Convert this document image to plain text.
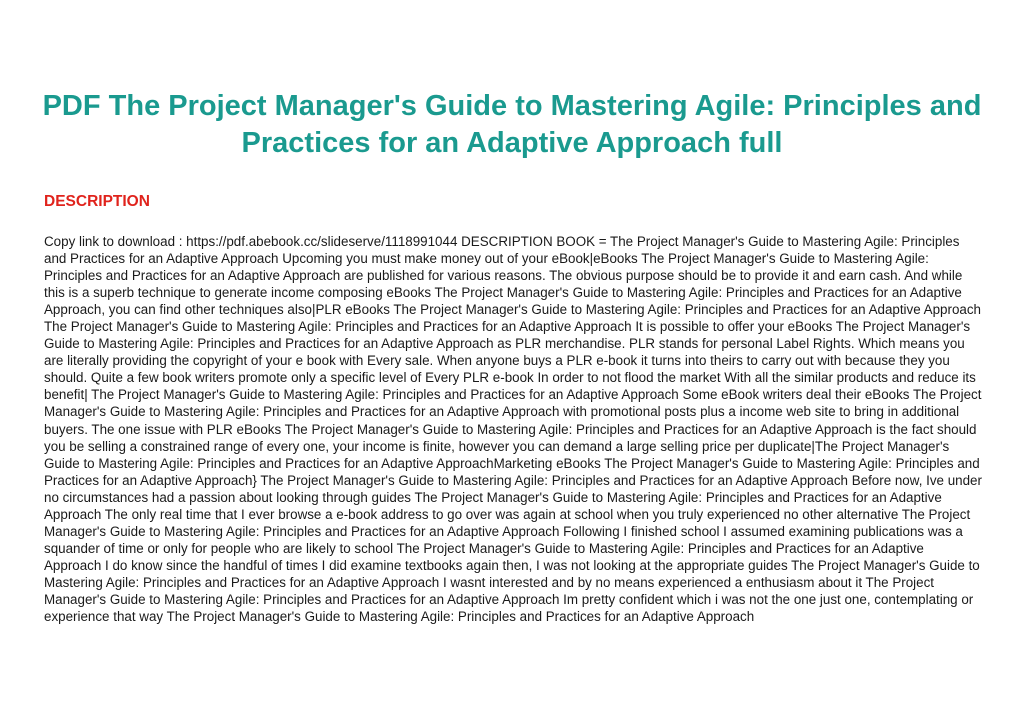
PDF The Project Manager's Guide to Mastering Agile: Principles and Practices for an Adaptive Approach full
DESCRIPTION

Copy link to download : https://pdf.abebook.cc/slideserve/1118991044 DESCRIPTION BOOK = The Project Manager's Guide to Mastering Agile: Principles and Practices for an Adaptive Approach Upcoming you must make money out of your eBook|eBooks The Project Manager's Guide to Mastering Agile: Principles and Practices for an Adaptive Approach are published for various reasons. The obvious purpose should be to provide it and earn cash. And while this is a superb technique to generate income composing eBooks The Project Manager's Guide to Mastering Agile: Principles and Practices for an Adaptive Approach, you can find other techniques also|PLR eBooks The Project Manager's Guide to Mastering Agile: Principles and Practices for an Adaptive Approach The Project Manager's Guide to Mastering Agile: Principles and Practices for an Adaptive Approach It is possible to offer your eBooks The Project Manager's Guide to Mastering Agile: Principles and Practices for an Adaptive Approach as PLR merchandise. PLR stands for personal Label Rights. Which means you are literally providing the copyright of your e book with Every sale. When anyone buys a PLR e-book it turns into theirs to carry out with because they you should. Quite a few book writers promote only a specific level of Every PLR e-book In order to not flood the market With all the similar products and reduce its benefit| The Project Manager's Guide to Mastering Agile: Principles and Practices for an Adaptive Approach Some eBook writers deal their eBooks The Project Manager's Guide to Mastering Agile: Principles and Practices for an Adaptive Approach with promotional posts plus a income web site to bring in additional buyers. The one issue with PLR eBooks The Project Manager's Guide to Mastering Agile: Principles and Practices for an Adaptive Approach is the fact should you be selling a constrained range of every one, your income is finite, however you can demand a large selling price per duplicate|The Project Manager's Guide to Mastering Agile: Principles and Practices for an Adaptive ApproachMarketing eBooks The Project Manager's Guide to Mastering Agile: Principles and Practices for an Adaptive Approach} The Project Manager's Guide to Mastering Agile: Principles and Practices for an Adaptive Approach Before now, Ive under no circumstances had a passion about looking through guides The Project Manager's Guide to Mastering Agile: Principles and Practices for an Adaptive Approach The only real time that I ever browse a e-book address to go over was again at school when you truly experienced no other alternative The Project Manager's Guide to Mastering Agile: Principles and Practices for an Adaptive Approach Following I finished school I assumed examining publications was a squander of time or only for people who are likely to school The Project Manager's Guide to Mastering Agile: Principles and Practices for an Adaptive Approach I do know since the handful of times I did examine textbooks again then, I was not looking at the appropriate guides The Project Manager's Guide to Mastering Agile: Principles and Practices for an Adaptive Approach I wasnt interested and by no means experienced a enthusiasm about it The Project Manager's Guide to Mastering Agile: Principles and Practices for an Adaptive Approach Im pretty confident which i was not the one just one, contemplating or experience that way The Project Manager's Guide to Mastering Agile: Principles and Practices for an Adaptive Approach
